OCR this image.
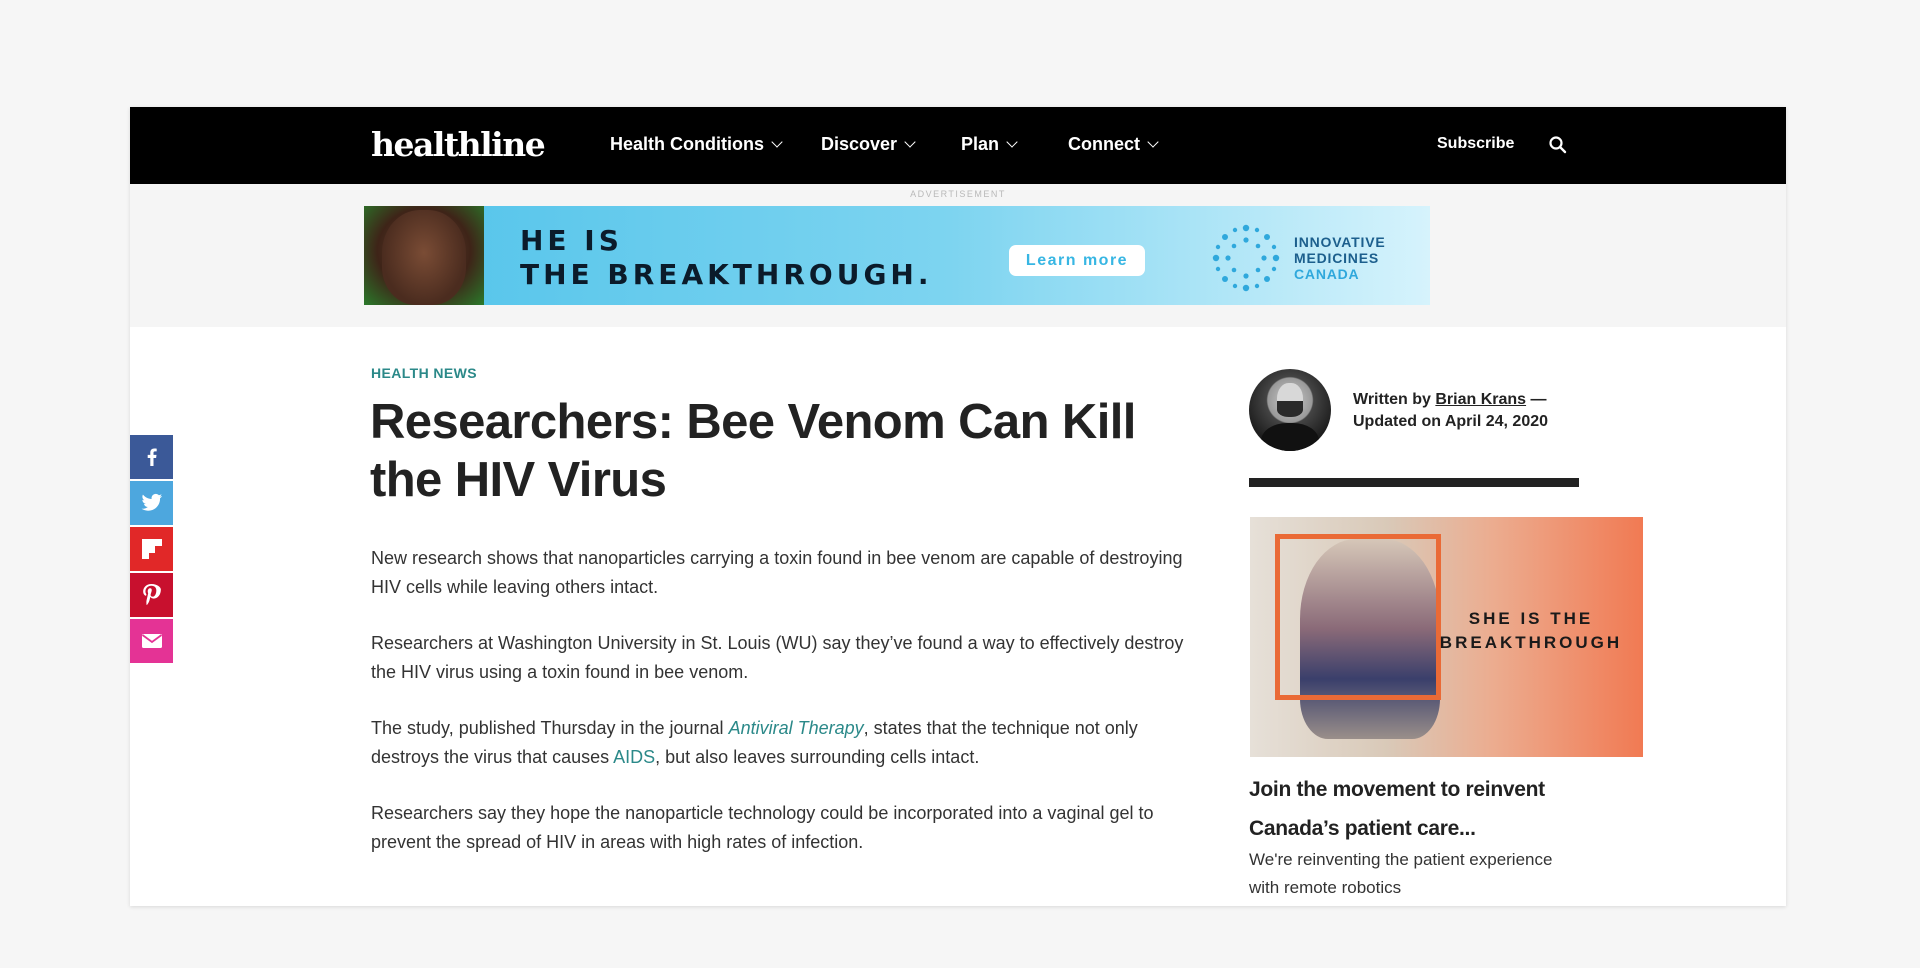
healthline	Health Conditions	Discover	Plan	Connect	Subscribe
ADVERTISEMENT
HE IS
THE BREAKTHROUGH.	Learn more
INNOVATIVE
MEDICINES
CANADA
HEALTH NEWS
Researchers: Bee Venom Can Kill the HIV Virus

New research shows that nanoparticles carrying a toxin found in bee venom are capable of destroying HIV cells while leaving others intact.

Researchers at Washington University in St. Louis (WU) say they’ve found a way to effectively destroy the HIV virus using a toxin found in bee venom.

The study, published Thursday in the journal Antiviral Therapy, states that the technique not only destroys the virus that causes AIDS, but also leaves surrounding cells intact.

Researchers say they hope the nanoparticle technology could be incorporated into a vaginal gel to prevent the spread of HIV in areas with high rates of infection.

Written by Brian Krans —
Updated on April 24, 2020
SHE IS THE
BREAKTHROUGH
Join the movement to reinvent Canada’s patient care...
We're reinventing the patient experience with remote robotics
